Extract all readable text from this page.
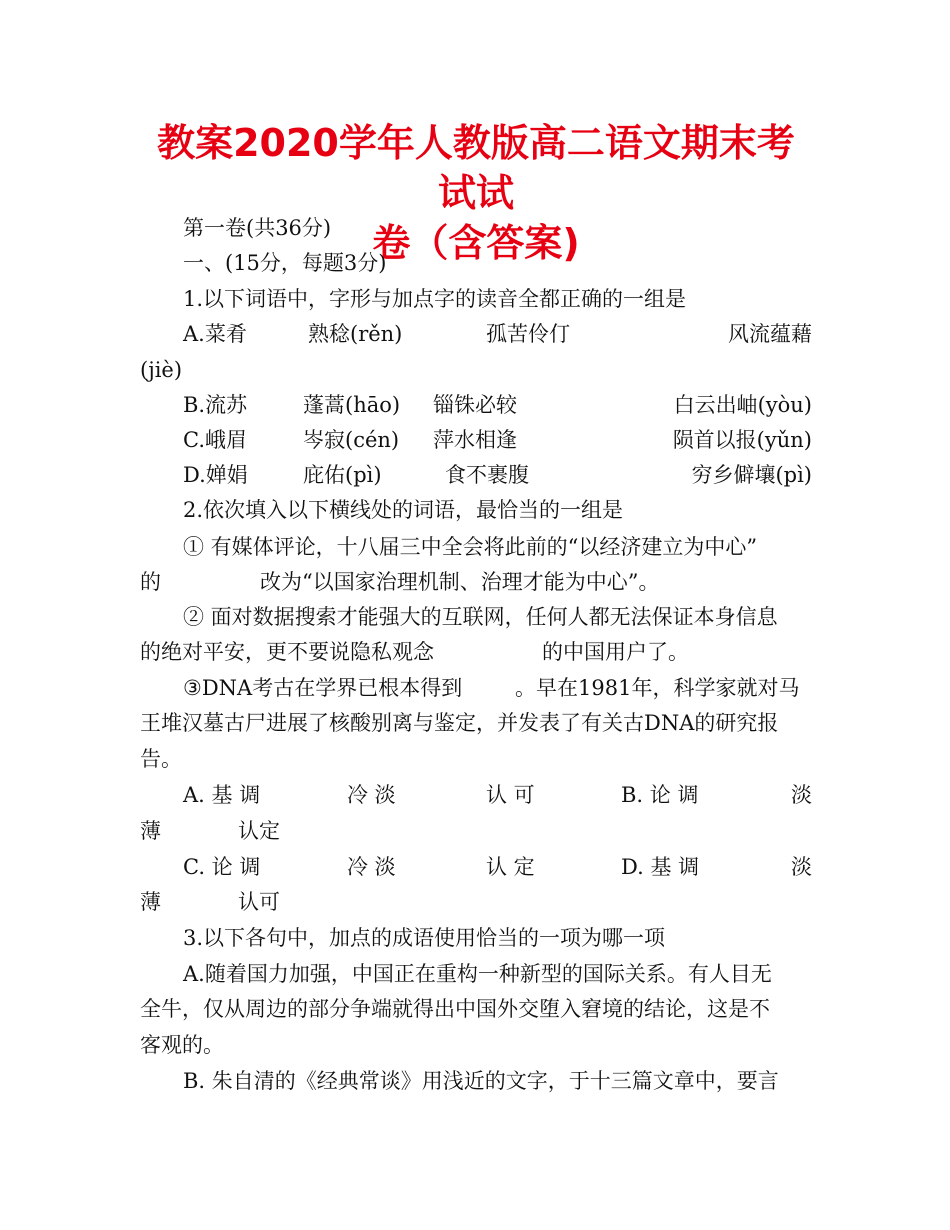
教案2020学年人教版高二语文期末考试试
卷（含答案)
第一卷(共36分)
一、(15分，每题3分)
1.以下词语中，字形与加点字的读音全都正确的一组是
A.菜肴	熟稔(rěn)	孤苦伶仃	风流蕴藉
(jiè)
B.流苏	蓬蒿(hāo) 锱铢必较	白云出岫(yòu)
C.峨眉	岑寂(cén) 萍水相逢	陨首以报(yǔn)
D.婵娟	庇佑(pì)	食不裹腹	穷乡僻壤(pì)
2.依次填入以下横线处的词语，最恰当的一组是
① 有媒体评论，十八届三中全会将此前的“以经济建立为中心”
的	改为“以国家治理机制、治理才能为中心”。
② 面对数据搜索才能强大的互联网，任何人都无法保证本身信息
的绝对平安，更不要说隐私观念	的中国用户了。
③DNA考古在学界已根本得到	。早在1981年，科学家就对马
王堆汉墓古尸进展了核酸别离与鉴定，并发表了有关古DNA的研究报
告。
A. 基 调	冷 淡	认 可	B. 论 调	淡
薄	认定
C. 论 调	冷 淡	认 定	D. 基 调	淡
薄	认可
3.以下各句中，加点的成语使用恰当的一项为哪一项
A.随着国力加强，中国正在重构一种新型的国际关系。有人目无
全牛，仅从周边的部分争端就得出中国外交堕入窘境的结论，这是不
客观的。
B. 朱自清的《经典常谈》用浅近的文字，于十三篇文章中，要言
